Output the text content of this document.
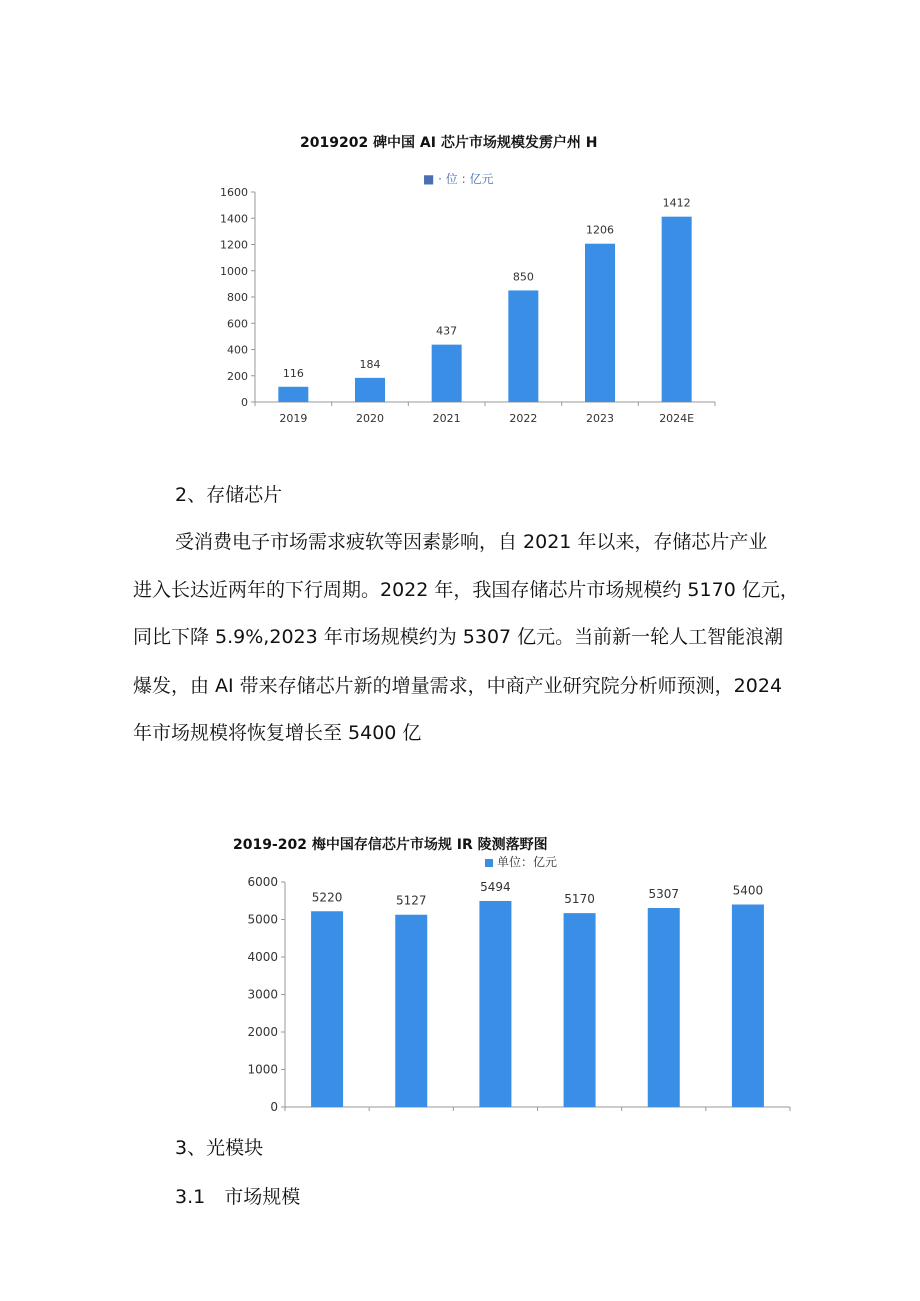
2019202 碑中国 AI 芯片市场规模发雳户州 H
■ · 位 : 亿元
0
200
400
600
800
1000
1200
1400
1600
116
2019
184
2020
437
2021
850
2022
1206
2023
1412
2024E
2、存储芯片
受消费电子市场需求疲软等因素影响，自 2021 年以来，存储芯片产业
进入长达近两年的下行周期。2022 年，我国存储芯片市场规模约 5170 亿元，
同比下降 5.9%,2023 年市场规模约为 5307 亿元。当前新一轮人工智能浪潮
爆发，由 AI 带来存储芯片新的增量需求，中商产业研究院分析师预测，2024
年市场规模将恢复增长至 5400 亿
2019-202 梅中国存信芯片市场规 IR 陵测落野图
单位：亿元
0
1000
2000
3000
4000
5000
6000
5220	5127
5494
5170	5307	5400
3、光模块
3.1　市场规模
